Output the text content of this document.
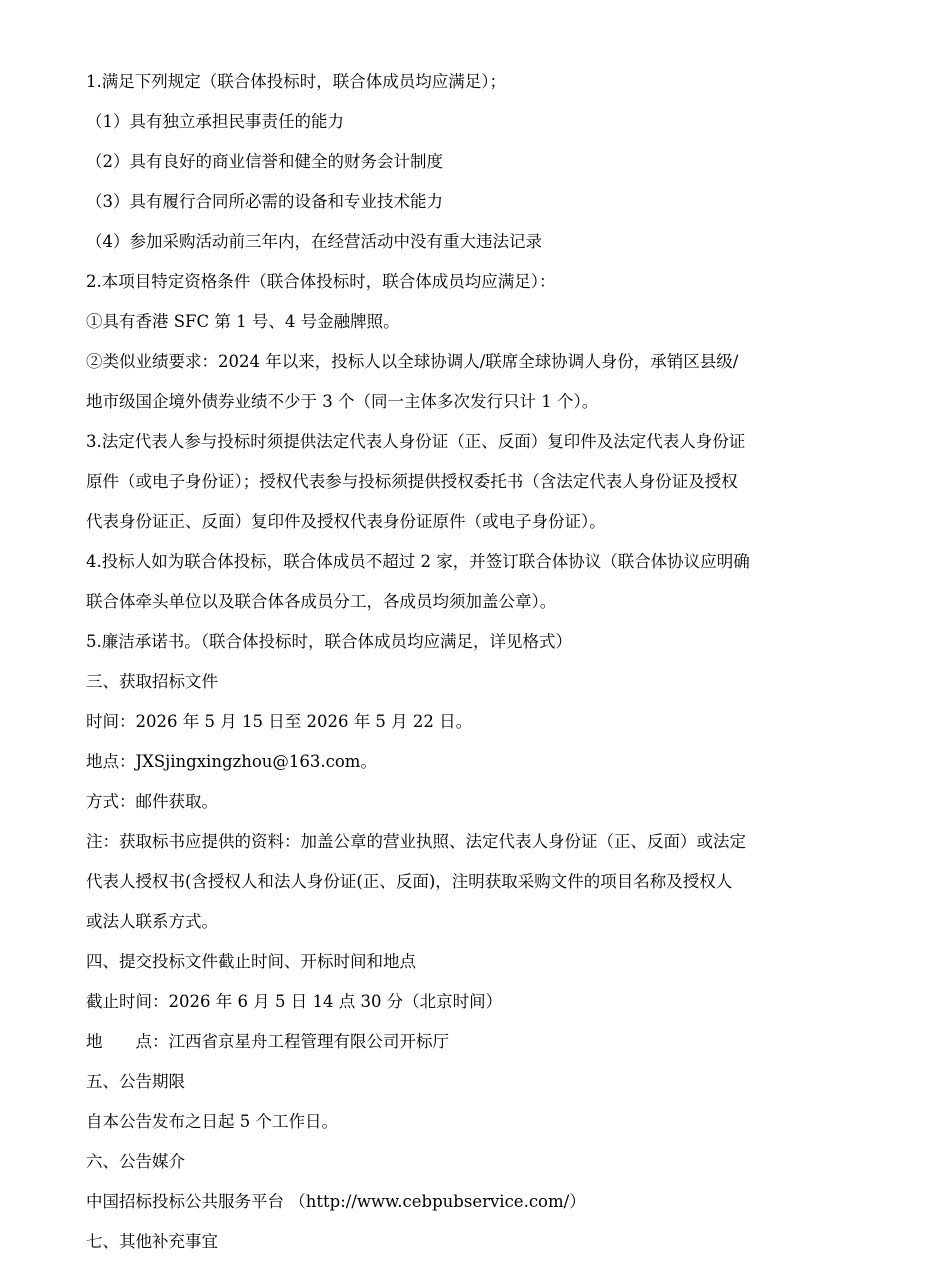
1.满足下列规定（联合体投标时，联合体成员均应满足）；
（1）具有独立承担民事责任的能力
（2）具有良好的商业信誉和健全的财务会计制度
（3）具有履行合同所必需的设备和专业技术能力
（4）参加采购活动前三年内，在经营活动中没有重大违法记录
2.本项目特定资格条件（联合体投标时，联合体成员均应满足）：
①具有香港 SFC 第 1 号、4 号金融牌照。
②类似业绩要求：2024 年以来，投标人以全球协调人/联席全球协调人身份，承销区县级/
地市级国企境外债券业绩不少于 3 个（同一主体多次发行只计 1 个）。
3.法定代表人参与投标时须提供法定代表人身份证（正、反面）复印件及法定代表人身份证
原件（或电子身份证）；授权代表参与投标须提供授权委托书（含法定代表人身份证及授权
代表身份证正、反面）复印件及授权代表身份证原件（或电子身份证）。
4.投标人如为联合体投标，联合体成员不超过 2 家，并签订联合体协议（联合体协议应明确
联合体牵头单位以及联合体各成员分工，各成员均须加盖公章）。
5.廉洁承诺书。（联合体投标时，联合体成员均应满足，详见格式）
三、获取招标文件
时间：2026 年 5 月 15 日至 2026 年 5 月 22 日。
地点：JXSjingxingzhou@163.com。
方式：邮件获取。
注：获取标书应提供的资料：加盖公章的营业执照、法定代表人身份证（正、反面）或法定
代表人授权书(含授权人和法人身份证(正、反面)，注明获取采购文件的项目名称及授权人
或法人联系方式。
四、提交投标文件截止时间、开标时间和地点
截止时间：2026 年 6 月 5 日 14 点 30 分（北京时间）
地　　点：江西省京星舟工程管理有限公司开标厅
五、公告期限
自本公告发布之日起 5 个工作日。
六、公告媒介
中国招标投标公共服务平台 （http://www.cebpubservice.com/）
七、其他补充事宜
